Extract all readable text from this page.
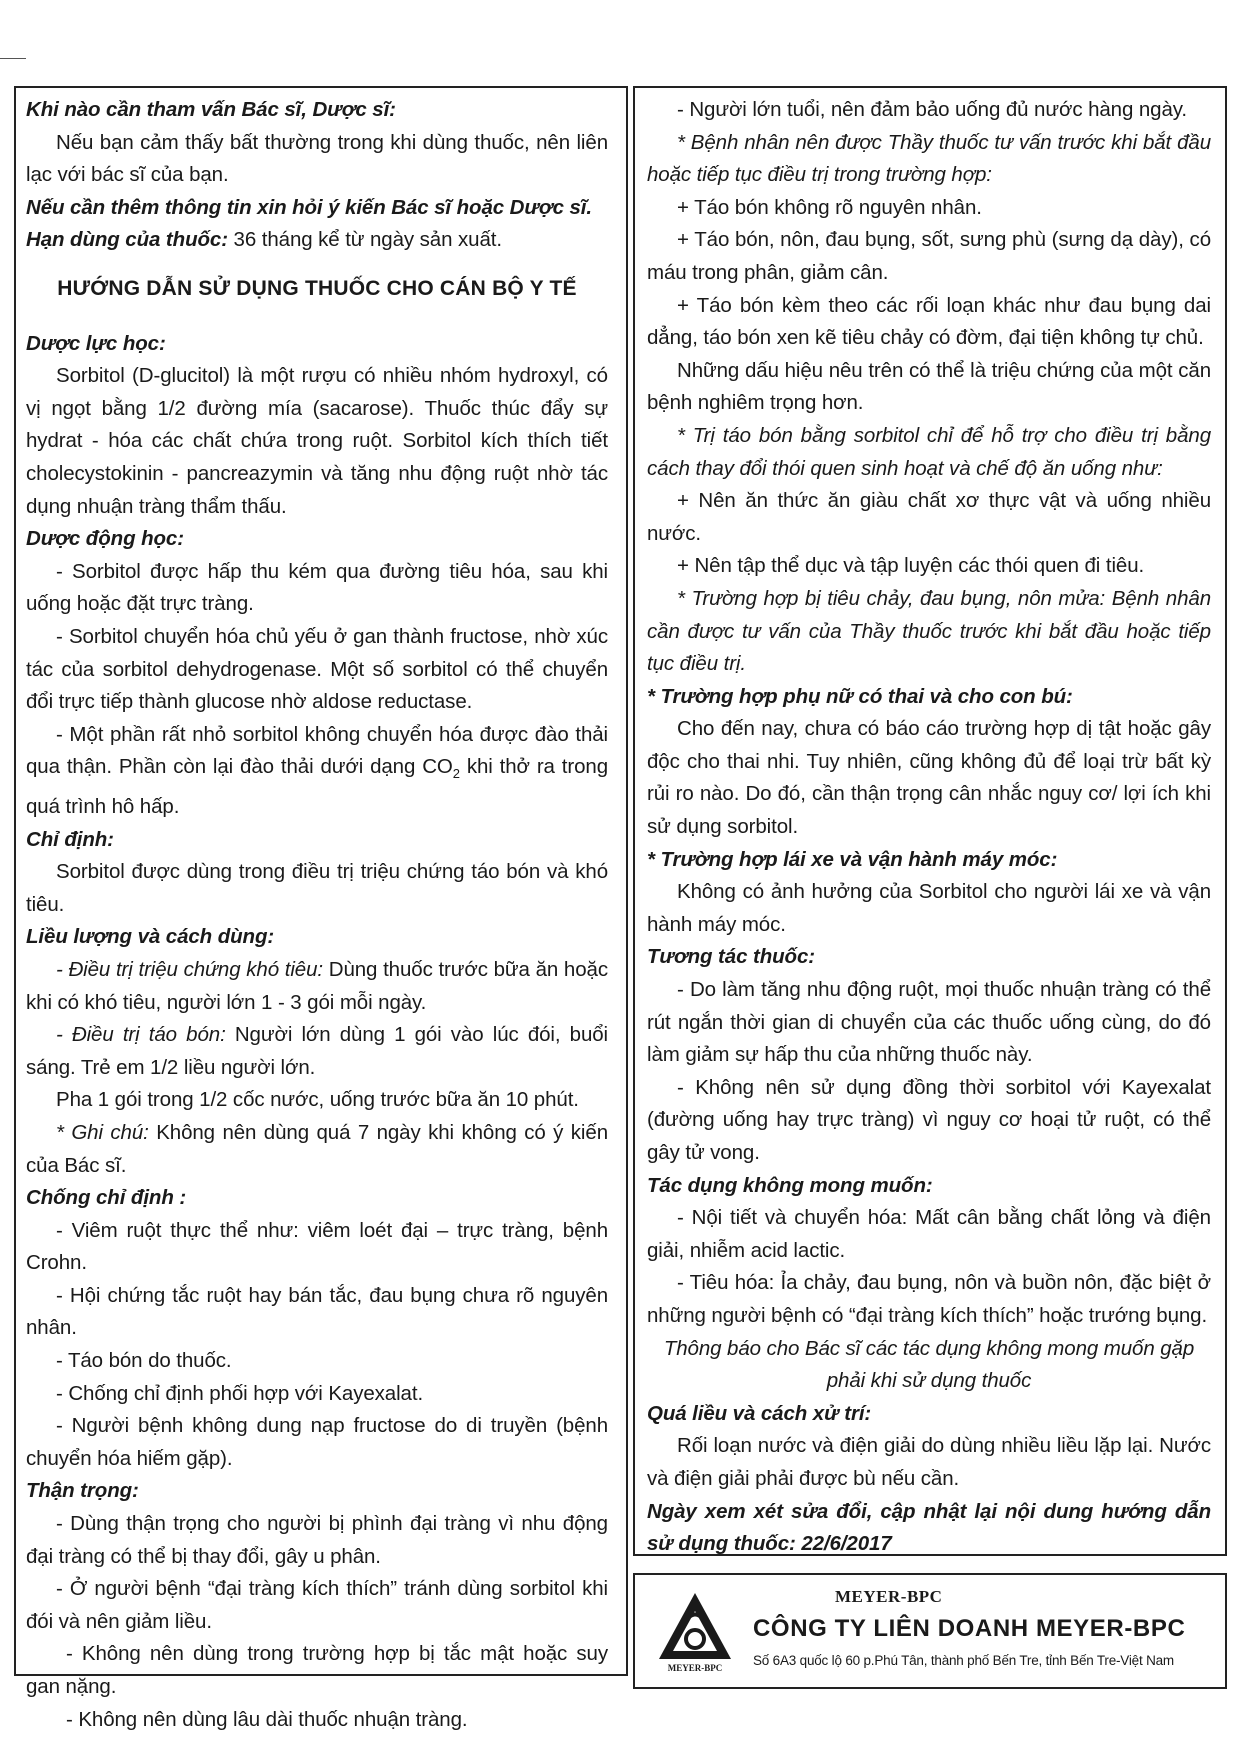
Khi nào cần tham vấn Bác sĩ, Dược sĩ:

Nếu bạn cảm thấy bất thường trong khi dùng thuốc, nên liên lạc với bác sĩ của bạn.

Nếu cần thêm thông tin xin hỏi ý kiến Bác sĩ hoặc Dược sĩ.

Hạn dùng của thuốc: 36 tháng kể từ ngày sản xuất.

HƯỚNG DẪN SỬ DỤNG THUỐC CHO CÁN BỘ Y TẾ

Dược lực học:

Sorbitol (D-glucitol) là một rượu có nhiều nhóm hydroxyl, có vị ngọt bằng 1/2 đường mía (sacarose). Thuốc thúc đẩy sự hydrat - hóa các chất chứa trong ruột. Sorbitol kích thích tiết cholecystokinin - pancreazymin và tăng nhu động ruột nhờ tác dụng nhuận tràng thẩm thấu.

Dược động học:

- Sorbitol được hấp thu kém qua đường tiêu hóa, sau khi uống hoặc đặt trực tràng.

- Sorbitol chuyển hóa chủ yếu ở gan thành fructose, nhờ xúc tác của sorbitol dehydrogenase. Một số sorbitol có thể chuyển đổi trực tiếp thành glucose nhờ aldose reductase.

- Một phần rất nhỏ sorbitol không chuyển hóa được đào thải qua thận. Phần còn lại đào thải dưới dạng $CO_2$ khi thở ra trong quá trình hô hấp.

Chỉ định:

Sorbitol được dùng trong điều trị triệu chứng táo bón và khó tiêu.

Liều lượng và cách dùng:

- Điều trị triệu chứng khó tiêu: Dùng thuốc trước bữa ăn hoặc khi có khó tiêu, người lớn 1 - 3 gói mỗi ngày.

- Điều trị táo bón: Người lớn dùng 1 gói vào lúc đói, buổi sáng. Trẻ em 1/2 liều người lớn.

Pha 1 gói trong 1/2 cốc nước, uống trước bữa ăn 10 phút.

* Ghi chú: Không nên dùng quá 7 ngày khi không có ý kiến của Bác sĩ.

Chống chỉ định :

- Viêm ruột thực thể như: viêm loét đại – trực tràng, bệnh Crohn.

- Hội chứng tắc ruột hay bán tắc, đau bụng chưa rõ nguyên nhân.

- Táo bón do thuốc.

- Chống chỉ định phối hợp với Kayexalat.

- Người bệnh không dung nạp fructose do di truyền (bệnh chuyển hóa hiếm gặp).

Thận trọng:

- Dùng thận trọng cho người bị phình đại tràng vì nhu động đại tràng có thể bị thay đổi, gây u phân.

- Ở người bệnh “đại tràng kích thích” tránh dùng sorbitol khi đói và nên giảm liều.

- Không nên dùng trong trường hợp bị tắc mật hoặc suy gan nặng.

- Không nên dùng lâu dài thuốc nhuận tràng.

- Người lớn tuổi, nên đảm bảo uống đủ nước hàng ngày.

* Bệnh nhân nên được Thầy thuốc tư vấn trước khi bắt đầu hoặc tiếp tục điều trị trong trường hợp:

+ Táo bón không rõ nguyên nhân.

+ Táo bón, nôn, đau bụng, sốt, sưng phù (sưng dạ dày), có máu trong phân, giảm cân.

+ Táo bón kèm theo các rối loạn khác như đau bụng dai dẳng, táo bón xen kẽ tiêu chảy có đờm, đại tiện không tự chủ.

Những dấu hiệu nêu trên có thể là triệu chứng của một căn bệnh nghiêm trọng hơn.

* Trị táo bón bằng sorbitol chỉ để hỗ trợ cho điều trị bằng cách thay đổi thói quen sinh hoạt và chế độ ăn uống như:

+ Nên ăn thức ăn giàu chất xơ thực vật và uống nhiều nước.

+ Nên tập thể dục và tập luyện các thói quen đi tiêu.

* Trường hợp bị tiêu chảy, đau bụng, nôn mửa: Bệnh nhân cần được tư vấn của Thầy thuốc trước khi bắt đầu hoặc tiếp tục điều trị.

* Trường hợp phụ nữ có thai và cho con bú:

Cho đến nay, chưa có báo cáo trường hợp dị tật hoặc gây độc cho thai nhi. Tuy nhiên, cũng không đủ để loại trừ bất kỳ rủi ro nào. Do đó, cần thận trọng cân nhắc nguy cơ/ lợi ích khi sử dụng sorbitol.

* Trường hợp lái xe và vận hành máy móc:

Không có ảnh hưởng của Sorbitol cho người lái xe và vận hành máy móc.

Tương tác thuốc:

- Do làm tăng nhu động ruột, mọi thuốc nhuận tràng có thể rút ngắn thời gian di chuyển của các thuốc uống cùng, do đó làm giảm sự hấp thu của những thuốc này.

- Không nên sử dụng đồng thời sorbitol với Kayexalat (đường uống hay trực tràng) vì nguy cơ hoại tử ruột, có thể gây tử vong.

Tác dụng không mong muốn:

- Nội tiết và chuyển hóa: Mất cân bằng chất lỏng và điện giải, nhiễm acid lactic.

- Tiêu hóa: Ỉa chảy, đau bụng, nôn và buồn nôn, đặc biệt ở những người bệnh có “đại tràng kích thích” hoặc trướng bụng.

Thông báo cho Bác sĩ các tác dụng không mong muốn gặp phải khi sử dụng thuốc

Quá liều và cách xử trí:

Rối loạn nước và điện giải do dùng nhiều liều lặp lại. Nước và điện giải phải được bù nếu cần.

Ngày xem xét sửa đổi, cập nhật lại nội dung hướng dẫn sử dụng thuốc: 22/6/2017

MEYER-BPC
MEYER-BPC
CÔNG TY LIÊN DOANH MEYER-BPC
Số 6A3 quốc lộ 60 p.Phú Tân, thành phố Bến Tre, tỉnh Bến Tre-Việt Nam
